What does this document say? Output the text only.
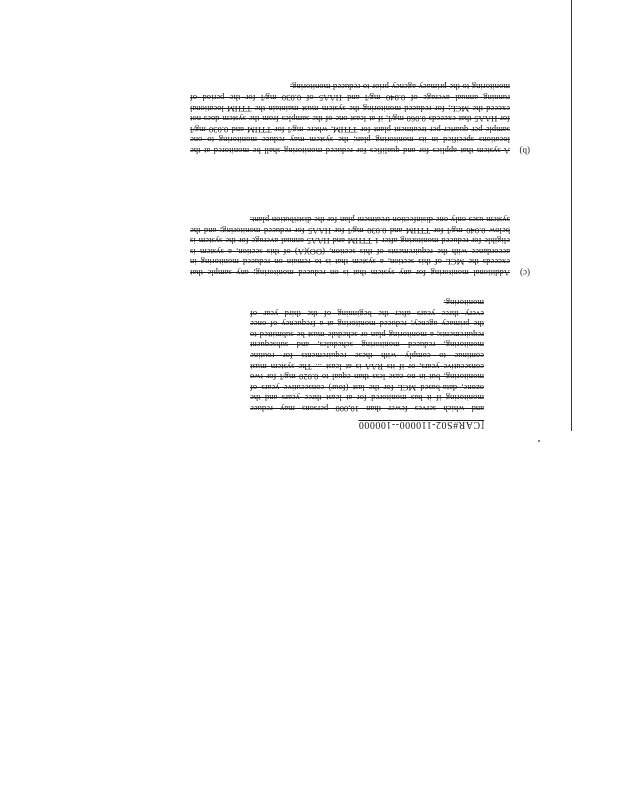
[CAR#S02‑110000-‑100000
and which serves fewer than 10,000 persons may reduce monitoring if it has monitored for at least three years and the ozone, data-based MCL for the last (four) consecutive years of monitoring, but in no case less than equal to 0.020 mg/l for two consecutive years, or if its RAA is at least ... The system must continue to comply with these requirements for routine monitoring, reduced monitoring schedules, and subsequent requirements; a monitoring plan or schedule must be submitted to the primacy agency; reduced monitoring at a frequency of once every three years after the beginning of the third year of monitoring.
(c)
Additional monitoring for any system that is on reduced monitoring; any sample that exceeds the MCL of this section, a system that is to remain on reduced monitoring in accordance with the requirements of this section, (OO)(A) of this section, a system is eligible for reduced monitoring after 1 TTHM and HAA5 annual average for the system is below 0.040 mg/l for TTHM and 0.030 mg/l for HAA5 for reduced monitoring; and the system uses only one disinfection treatment plan for the distribution plant.
(b)
A system that applies for and qualifies for reduced monitoring shall be monitored at the locations specified in its monitoring plan; the system may reduce monitoring to one sample per quarter per treatment plant for TTHM, where mg/l for TTHM and 0.030 mg/l for HAA5 that exceeds 0.060 mg/l, if at least one of the samples from the system does not exceed the MCL; for reduced monitoring the system must maintain the TTHM locational running annual average of 0.040 mg/l and HAA5 of 0.030 mg/l for the period of monitoring to the primacy agency prior to reduced monitoring.
